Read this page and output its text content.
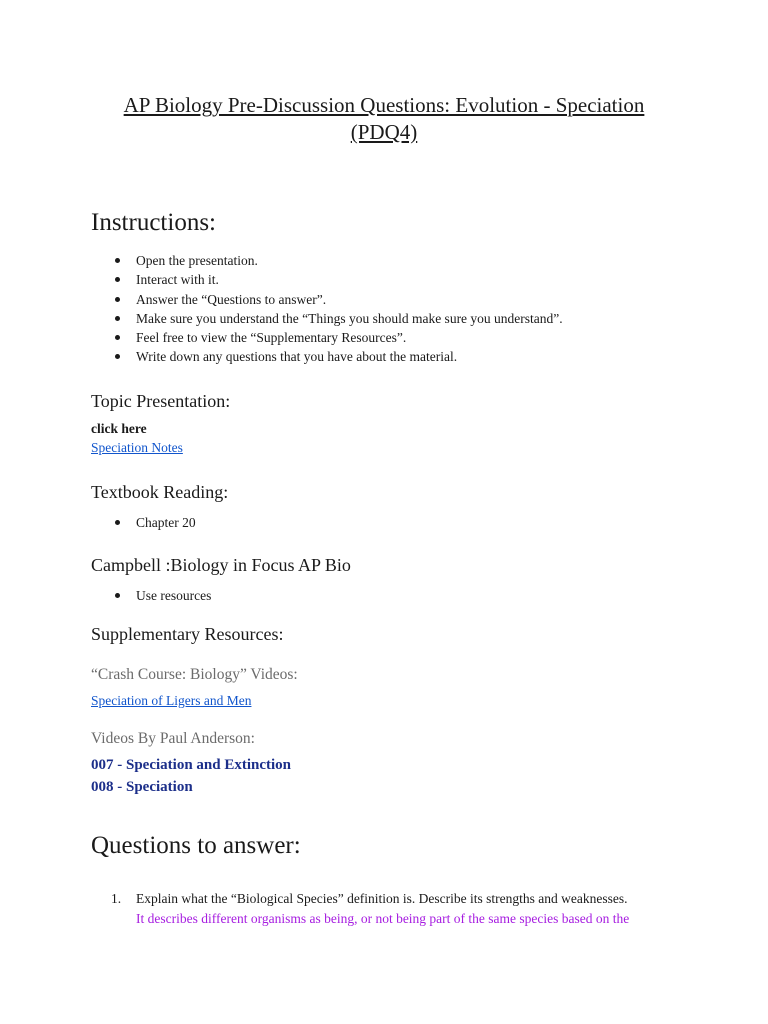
AP Biology Pre-Discussion Questions: Evolution - Speciation
(PDQ4)
Instructions:
Open the presentation.
Interact with it.
Answer the “Questions to answer”.
Make sure you understand the “Things you should make sure you understand”.
Feel free to view the “Supplementary Resources”.
Write down any questions that you have about the material.
Topic Presentation:
click here
Speciation Notes
Textbook Reading:
Chapter 20
Campbell :Biology in Focus AP Bio
Use resources
Supplementary Resources:
“Crash Course: Biology” Videos:
Speciation of Ligers and Men
Videos By Paul Anderson:
007 - Speciation and Extinction
008 - Speciation
Questions to answer:
1. Explain what the “Biological Species” definition is. Describe its strengths and weaknesses.
It describes different organisms as being, or not being part of the same species based on the
